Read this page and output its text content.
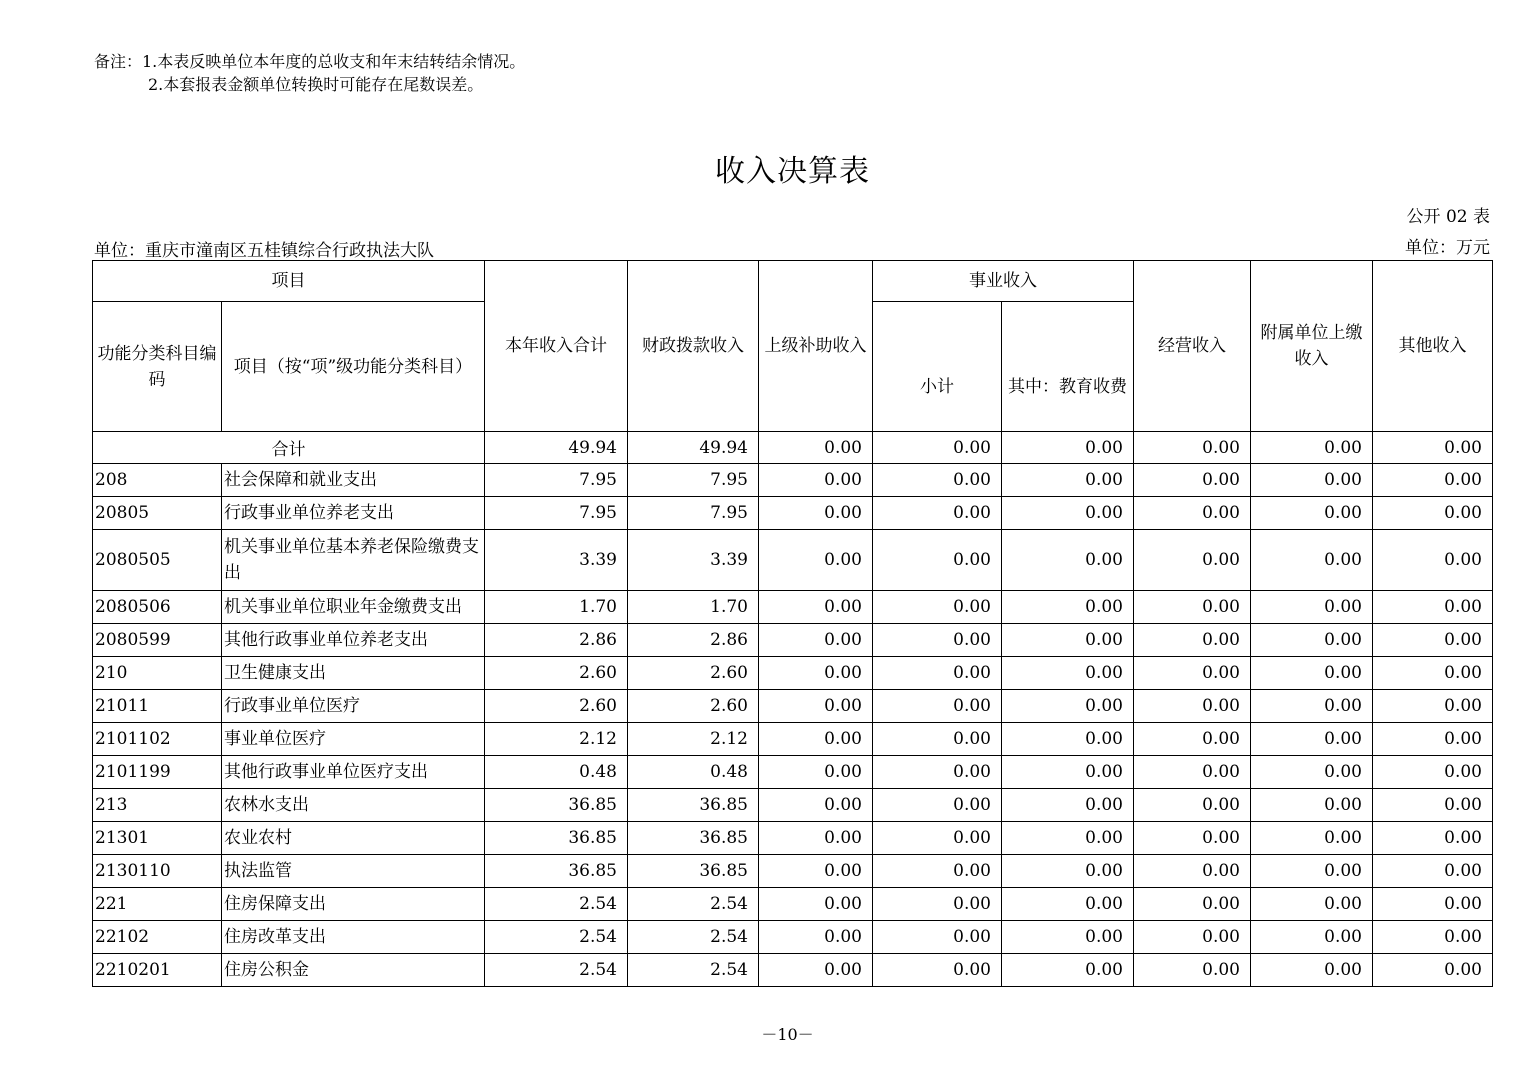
备注：1.本表反映单位本年度的总收支和年末结转结余情况。
2.本套报表金额单位转换时可能存在尾数误差。
收入决算表
公开 02 表
单位：重庆市潼南区五桂镇综合行政执法大队	单位：万元
项目		本年收入合计	财政拨款收入	上级补助收入	事业收入		经营收入	附属单位上缴收入	其他收入
功能分类科目编码	项目（按“项”级功能分类科目）				小计	其中：教育收费			
合计		49.94	49.94	0.00	0.00	0.00	0.00	0.00	0.00
208	社会保障和就业支出	7.95	7.95	0.00	0.00	0.00	0.00	0.00	0.00
20805	行政事业单位养老支出	7.95	7.95	0.00	0.00	0.00	0.00	0.00	0.00
2080505	机关事业单位基本养老保险缴费支出	3.39	3.39	0.00	0.00	0.00	0.00	0.00	0.00
2080506	机关事业单位职业年金缴费支出	1.70	1.70	0.00	0.00	0.00	0.00	0.00	0.00
2080599	其他行政事业单位养老支出	2.86	2.86	0.00	0.00	0.00	0.00	0.00	0.00
210	卫生健康支出	2.60	2.60	0.00	0.00	0.00	0.00	0.00	0.00
21011	行政事业单位医疗	2.60	2.60	0.00	0.00	0.00	0.00	0.00	0.00
2101102	事业单位医疗	2.12	2.12	0.00	0.00	0.00	0.00	0.00	0.00
2101199	其他行政事业单位医疗支出	0.48	0.48	0.00	0.00	0.00	0.00	0.00	0.00
213	农林水支出	36.85	36.85	0.00	0.00	0.00	0.00	0.00	0.00
21301	农业农村	36.85	36.85	0.00	0.00	0.00	0.00	0.00	0.00
2130110	执法监管	36.85	36.85	0.00	0.00	0.00	0.00	0.00	0.00
221	住房保障支出	2.54	2.54	0.00	0.00	0.00	0.00	0.00	0.00
22102	住房改革支出	2.54	2.54	0.00	0.00	0.00	0.00	0.00	0.00
2210201	住房公积金	2.54	2.54	0.00	0.00	0.00	0.00	0.00	0.00
－10－
